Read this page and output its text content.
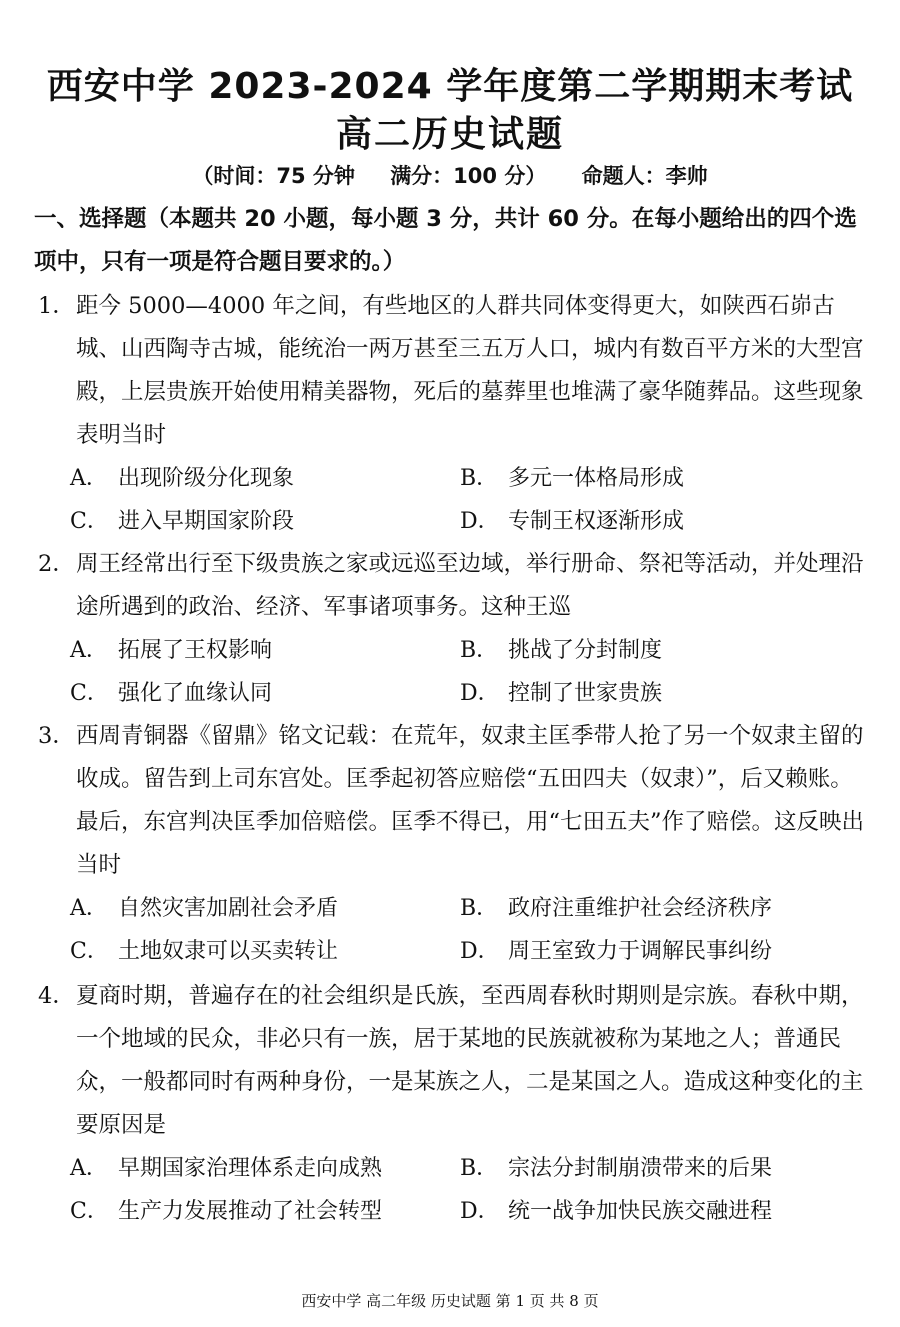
西安中学 2023-2024 学年度第二学期期末考试
高二历史试题
（时间：75 分钟 满分：100 分） 命题人：李帅
一、选择题（本题共 20 小题，每小题 3 分，共计 60 分。在每小题给出的四个选项中，只有一项是符合题目要求的。）
1． 距今 5000—4000 年之间，有些地区的人群共同体变得更大，如陕西石峁古城、山西陶寺古城，能统治一两万甚至三五万人口，城内有数百平方米的大型宫殿，上层贵族开始使用精美器物，死后的墓葬里也堆满了豪华随葬品。这些现象表明当时
A． 出现阶级分化现象	B． 多元一体格局形成
C． 进入早期国家阶段	D． 专制王权逐渐形成
2． 周王经常出行至下级贵族之家或远巡至边域，举行册命、祭祀等活动，并处理沿途所遇到的政治、经济、军事诸项事务。这种王巡
A． 拓展了王权影响	B． 挑战了分封制度
C． 强化了血缘认同	D． 控制了世家贵族
3． 西周青铜器《留鼎》铭文记载：在荒年，奴隶主匡季带人抢了另一个奴隶主留的收成。留告到上司东宫处。匡季起初答应赔偿“五田四夫（奴隶）”，后又赖账。最后，东宫判决匡季加倍赔偿。匡季不得已，用“七田五夫”作了赔偿。这反映出当时
A． 自然灾害加剧社会矛盾	B． 政府注重维护社会经济秩序
C． 土地奴隶可以买卖转让	D． 周王室致力于调解民事纠纷
4． 夏商时期，普遍存在的社会组织是氏族，至西周春秋时期则是宗族。春秋中期，一个地域的民众，非必只有一族，居于某地的民族就被称为某地之人；普通民众，一般都同时有两种身份，一是某族之人，二是某国之人。造成这种变化的主要原因是
A． 早期国家治理体系走向成熟	B． 宗法分封制崩溃带来的后果
C． 生产力发展推动了社会转型	D． 统一战争加快民族交融进程
西安中学 高二年级 历史试题 第 1 页 共 8 页
